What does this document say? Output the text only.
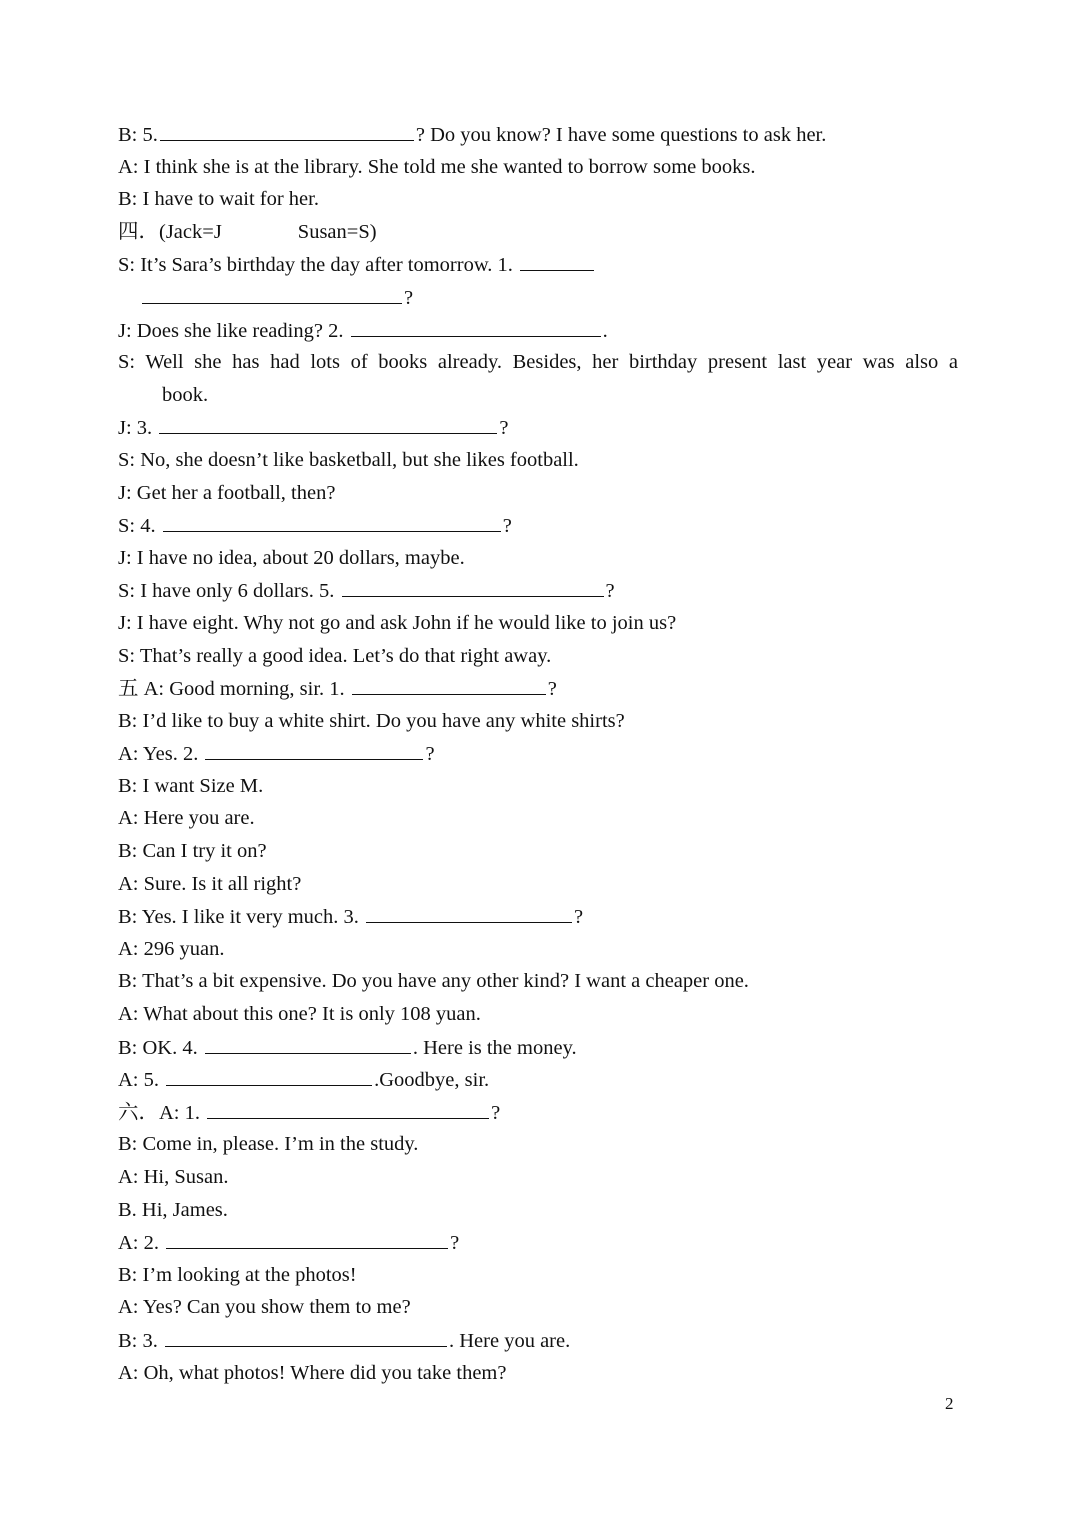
B: 5.	? Do you know? I have some questions to ask her.
A: I think she is at the library. She told me she wanted to borrow some books.
B: I have to wait for her.
四．(Jack=J	Susan=S)
S: It’s Sara’s birthday the day after tomorrow. 1.
?
J: Does she like reading? 2.	.
S: Well she has had lots of books already. Besides, her birthday present last year was also a
book.
J: 3.	?
S: No, she doesn’t like basketball, but she likes football.
J: Get her a football, then?
S: 4.	?
J: I have no idea, about 20 dollars, maybe.
S: I have only 6 dollars. 5.	?
J: I have eight. Why not go and ask John if he would like to join us?
S: That’s really a good idea. Let’s do that right away.
五 A: Good morning, sir. 1.	?
B: I’d like to buy a white shirt. Do you have any white shirts?
A: Yes. 2.	?
B: I want Size M.
A: Here you are.
B: Can I try it on?
A: Sure. Is it all right?
B: Yes. I like it very much. 3.	?
A: 296 yuan.
B: That’s a bit expensive. Do you have any other kind? I want a cheaper one.
A: What about this one? It is only 108 yuan.
B: OK. 4.	. Here is the money.
A: 5.	.Goodbye, sir.
六．A: 1.	?
B: Come in, please. I’m in the study.
A: Hi, Susan.
B. Hi, James.
A: 2.	?
B: I’m looking at the photos!
A: Yes? Can you show them to me?
B: 3.	. Here you are.
A: Oh, what photos! Where did you take them?
2
